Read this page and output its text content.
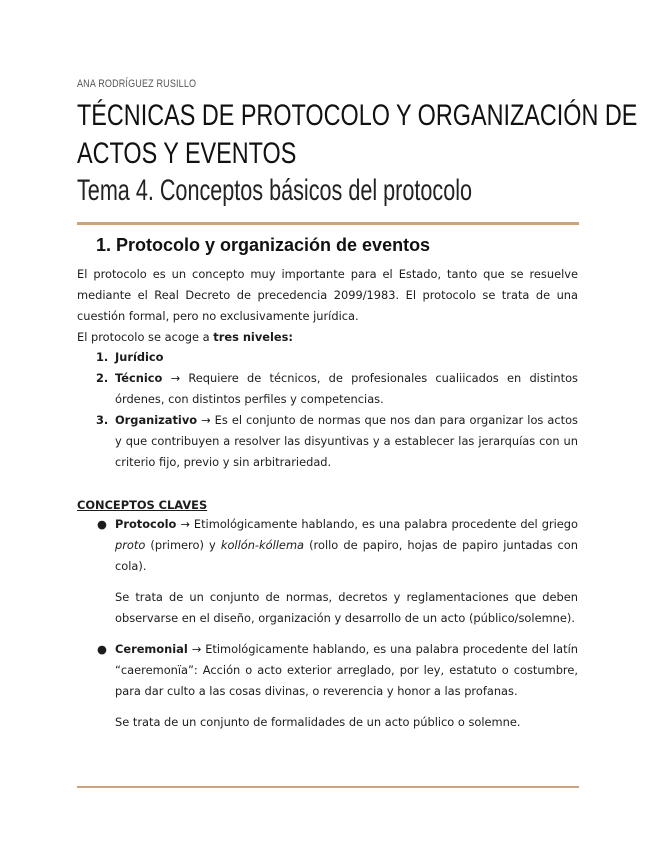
ANA RODRÍGUEZ RUSILLO
TÉCNICAS DE PROTOCOLO Y ORGANIZACIÓN DE
ACTOS Y EVENTOS
Tema 4. Conceptos básicos del protocolo
1. Protocolo y organización de eventos
El protocolo es un concepto muy importante para el Estado, tanto que se resuelve mediante el Real Decreto de precedencia 2099/1983. El protocolo se trata de una cuestión formal, pero no exclusivamente jurídica.
El protocolo se acoge a tres niveles:
1. Jurídico
2. Técnico → Requiere de técnicos, de profesionales cualiicados en distintos órdenes, con distintos perfiles y competencias.
3. Organizativo → Es el conjunto de normas que nos dan para organizar los actos y que contribuyen a resolver las disyuntivas y a establecer las jerarquías con un criterio fijo, previo y sin arbitrariedad.
CONCEPTOS CLAVES
● Protocolo → Etimológicamente hablando, es una palabra procedente del griego proto (primero) y kollón-kóllema (rollo de papiro, hojas de papiro juntadas con cola).
Se trata de un conjunto de normas, decretos y reglamentaciones que deben observarse en el diseño, organización y desarrollo de un acto (público/solemne).
● Ceremonial → Etimológicamente hablando, es una palabra procedente del latín “caeremonïa”: Acción o acto exterior arreglado, por ley, estatuto o costumbre, para dar culto a las cosas divinas, o reverencia y honor a las profanas.
Se trata de un conjunto de formalidades de un acto público o solemne.
